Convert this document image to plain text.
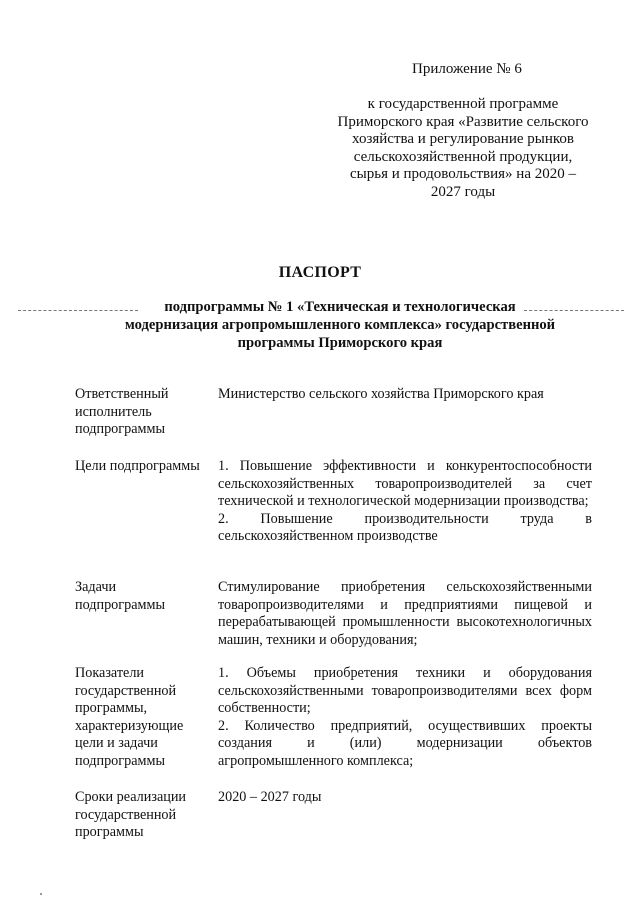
Приложение № 6
к государственной программе
Приморского края «Развитие сельского
хозяйства и регулирование рынков
сельскохозяйственной продукции,
сырья и продовольствия» на 2020 –
2027 годы
ПАСПОРТ
подпрограммы № 1 «Техническая и технологическая
модернизация агропромышленного комплекса» государственной
программы Приморского края
Ответственный
исполнитель
подпрограммы
Министерство сельского хозяйства Приморского края
Цели подпрограммы	1. Повышение эффективности и конкурентоспособности сельскохозяйственных товаропроизводителей за счет технической и технологической модернизации производства;
2. Повышение производительности труда в сельскохозяйственном производстве
Задачи
подпрограммы
Стимулирование приобретения сельскохозяйственными товаропроизводителями и предприятиями пищевой и перерабатывающей промышленности высокотехнологичных машин, техники и оборудования;
Показатели
государственной
программы,
характеризующие
цели и задачи
подпрограммы
1. Объемы приобретения техники и оборудования сельскохозяйственными товаропроизводителями всех форм собственности;
2. Количество предприятий, осуществивших проекты создания и (или) модернизации объектов агропромышленного комплекса;
Сроки реализации
государственной
программы
2020 – 2027 годы
